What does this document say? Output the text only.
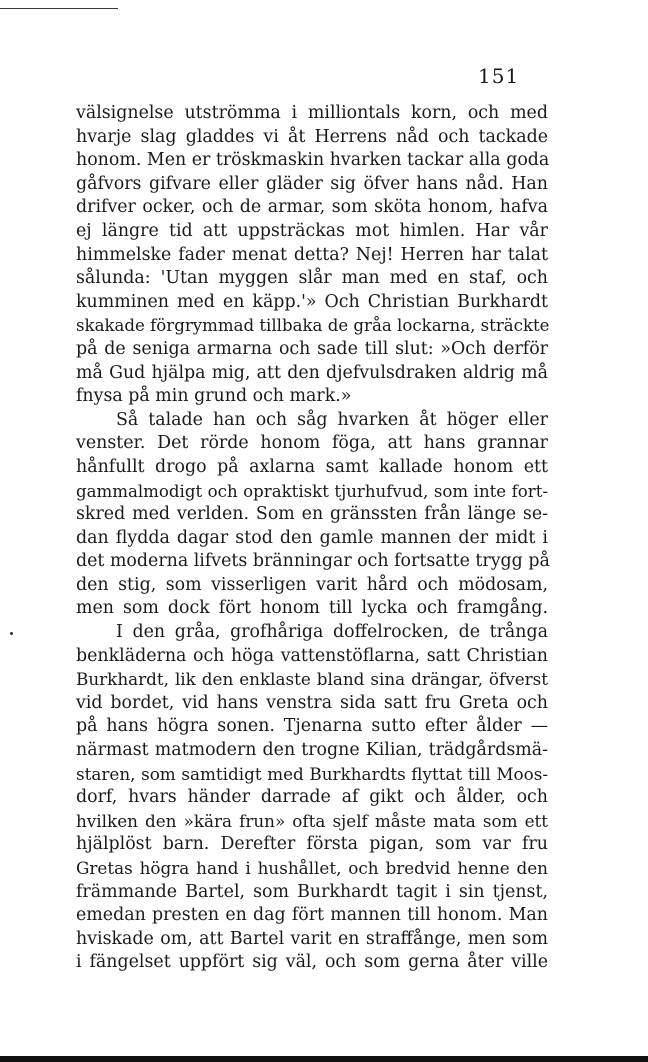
151
välsignelse utströmma i milliontals korn, och med
hvarje slag gladdes vi åt Herrens nåd och tackade
honom. Men er tröskmaskin hvarken tackar alla goda
gåfvors gifvare eller gläder sig öfver hans nåd. Han
drifver ocker, och de armar, som sköta honom, hafva
ej längre tid att uppsträckas mot himlen. Har vår
himmelske fader menat detta? Nej! Herren har talat
sålunda: 'Utan myggen slår man med en staf, och
kumminen med en käpp.'» Och Christian Burkhardt
skakade förgrymmad tillbaka de gråa lockarna, sträckte
på de seniga armarna och sade till slut: »Och derför
må Gud hjälpa mig, att den djefvulsdraken aldrig må
fnysa på min grund och mark.»
Så talade han och såg hvarken åt höger eller
venster. Det rörde honom föga, att hans grannar
hånfullt drogo på axlarna samt kallade honom ett
gammalmodigt och opraktiskt tjurhufvud, som inte fort-
skred med verlden. Som en gränssten från länge se-
dan flydda dagar stod den gamle mannen der midt i
det moderna lifvets bränningar och fortsatte trygg på
den stig, som visserligen varit hård och mödosam,
men som dock fört honom till lycka och framgång.
I den gråa, grofhåriga doffelrocken, de trånga
benkläderna och höga vattenstöflarna, satt Christian
Burkhardt, lik den enklaste bland sina drängar, öfverst
vid bordet, vid hans venstra sida satt fru Greta och
på hans högra sonen. Tjenarna sutto efter ålder —
närmast matmodern den trogne Kilian, trädgårdsmä-
staren, som samtidigt med Burkhardts flyttat till Moos-
dorf, hvars händer darrade af gikt och ålder, och
hvilken den »kära frun» ofta sjelf måste mata som ett
hjälplöst barn. Derefter första pigan, som var fru
Gretas högra hand i hushållet, och bredvid henne den
främmande Bartel, som Burkhardt tagit i sin tjenst,
emedan presten en dag fört mannen till honom. Man
hviskade om, att Bartel varit en straffånge, men som
i fängelset uppfört sig väl, och som gerna åter ville
